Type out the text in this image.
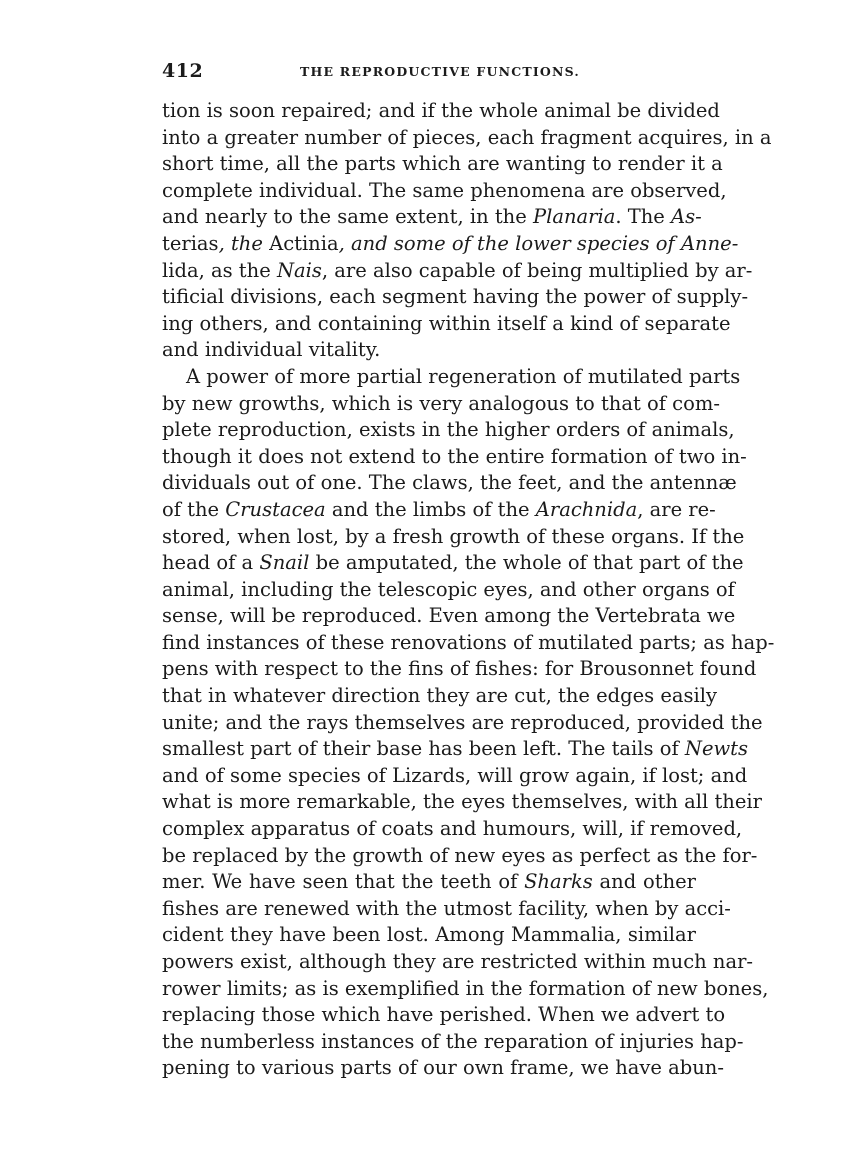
412	THE REPRODUCTIVE FUNCTIONS.

tion is soon repaired; and if the whole animal be divided
into a greater number of pieces, each fragment acquires, in a
short time, all the parts which are wanting to render it a
complete individual. The same phenomena are observed,
and nearly to the same extent, in the Planaria. The As-
terias, the Actinia, and some of the lower species of Anne-
lida, as the Nais, are also capable of being multiplied by ar-
tificial divisions, each segment having the power of supply-
ing others, and containing within itself a kind of separate
and individual vitality.

A power of more partial regeneration of mutilated parts
by new growths, which is very analogous to that of com-
plete reproduction, exists in the higher orders of animals,
though it does not extend to the entire formation of two in-
dividuals out of one. The claws, the feet, and the antennæ
of the Crustacea and the limbs of the Arachnida, are re-
stored, when lost, by a fresh growth of these organs. If the
head of a Snail be amputated, the whole of that part of the
animal, including the telescopic eyes, and other organs of
sense, will be reproduced. Even among the Vertebrata we
find instances of these renovations of mutilated parts; as hap-
pens with respect to the fins of fishes: for Brousonnet found
that in whatever direction they are cut, the edges easily
unite; and the rays themselves are reproduced, provided the
smallest part of their base has been left. The tails of Newts
and of some species of Lizards, will grow again, if lost; and
what is more remarkable, the eyes themselves, with all their
complex apparatus of coats and humours, will, if removed,
be replaced by the growth of new eyes as perfect as the for-
mer. We have seen that the teeth of Sharks and other
fishes are renewed with the utmost facility, when by acci-
cident they have been lost. Among Mammalia, similar
powers exist, although they are restricted within much nar-
rower limits; as is exemplified in the formation of new bones,
replacing those which have perished. When we advert to
the numberless instances of the reparation of injuries hap-
pening to various parts of our own frame, we have abun-
